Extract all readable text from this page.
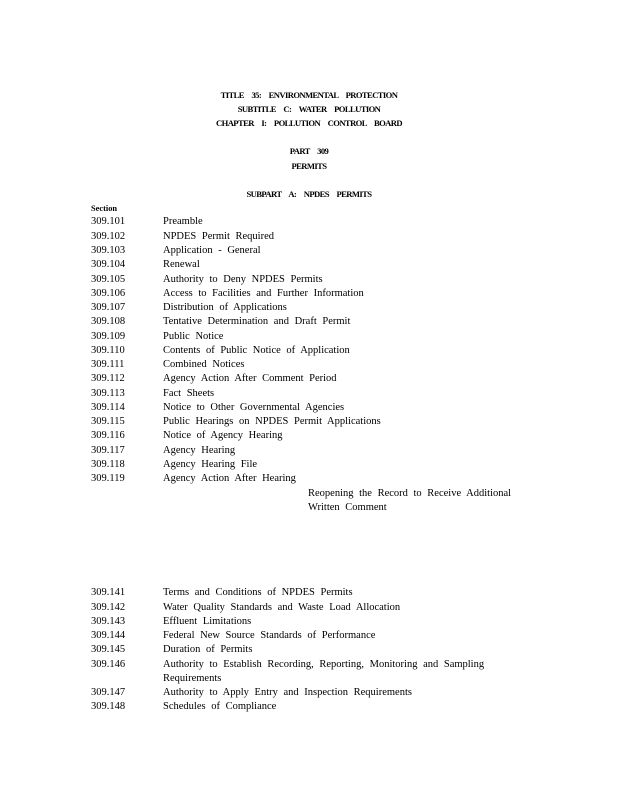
TITLE 35: ENVIRONMENTAL PROTECTION
SUBTITLE C: WATER POLLUTION
CHAPTER I: POLLUTION CONTROL BOARD
PART 309
PERMITS
SUBPART A: NPDES PERMITS
Section
309.101	Preamble
309.102	NPDES Permit Required
309.103	Application - General
309.104	Renewal
309.105	Authority to Deny NPDES Permits
309.106	Access to Facilities and Further Information
309.107	Distribution of Applications
309.108	Tentative Determination and Draft Permit
309.109	Public Notice
309.110	Contents of Public Notice of Application
309.111	Combined Notices
309.112	Agency Action After Comment Period
309.113	Fact Sheets
309.114	Notice to Other Governmental Agencies
309.115	Public Hearings on NPDES Permit Applications
309.116	Notice of Agency Hearing
309.117	Agency Hearing
309.118	Agency Hearing File
309.119	Agency Action After Hearing
Reopening the Record to Receive Additional Written Comment
309.141	Terms and Conditions of NPDES Permits
309.142	Water Quality Standards and Waste Load Allocation
309.143	Effluent Limitations
309.144	Federal New Source Standards of Performance
309.145	Duration of Permits
309.146	Authority to Establish Recording, Reporting, Monitoring and Sampling Requirements
309.147	Authority to Apply Entry and Inspection Requirements
309.148	Schedules of Compliance
